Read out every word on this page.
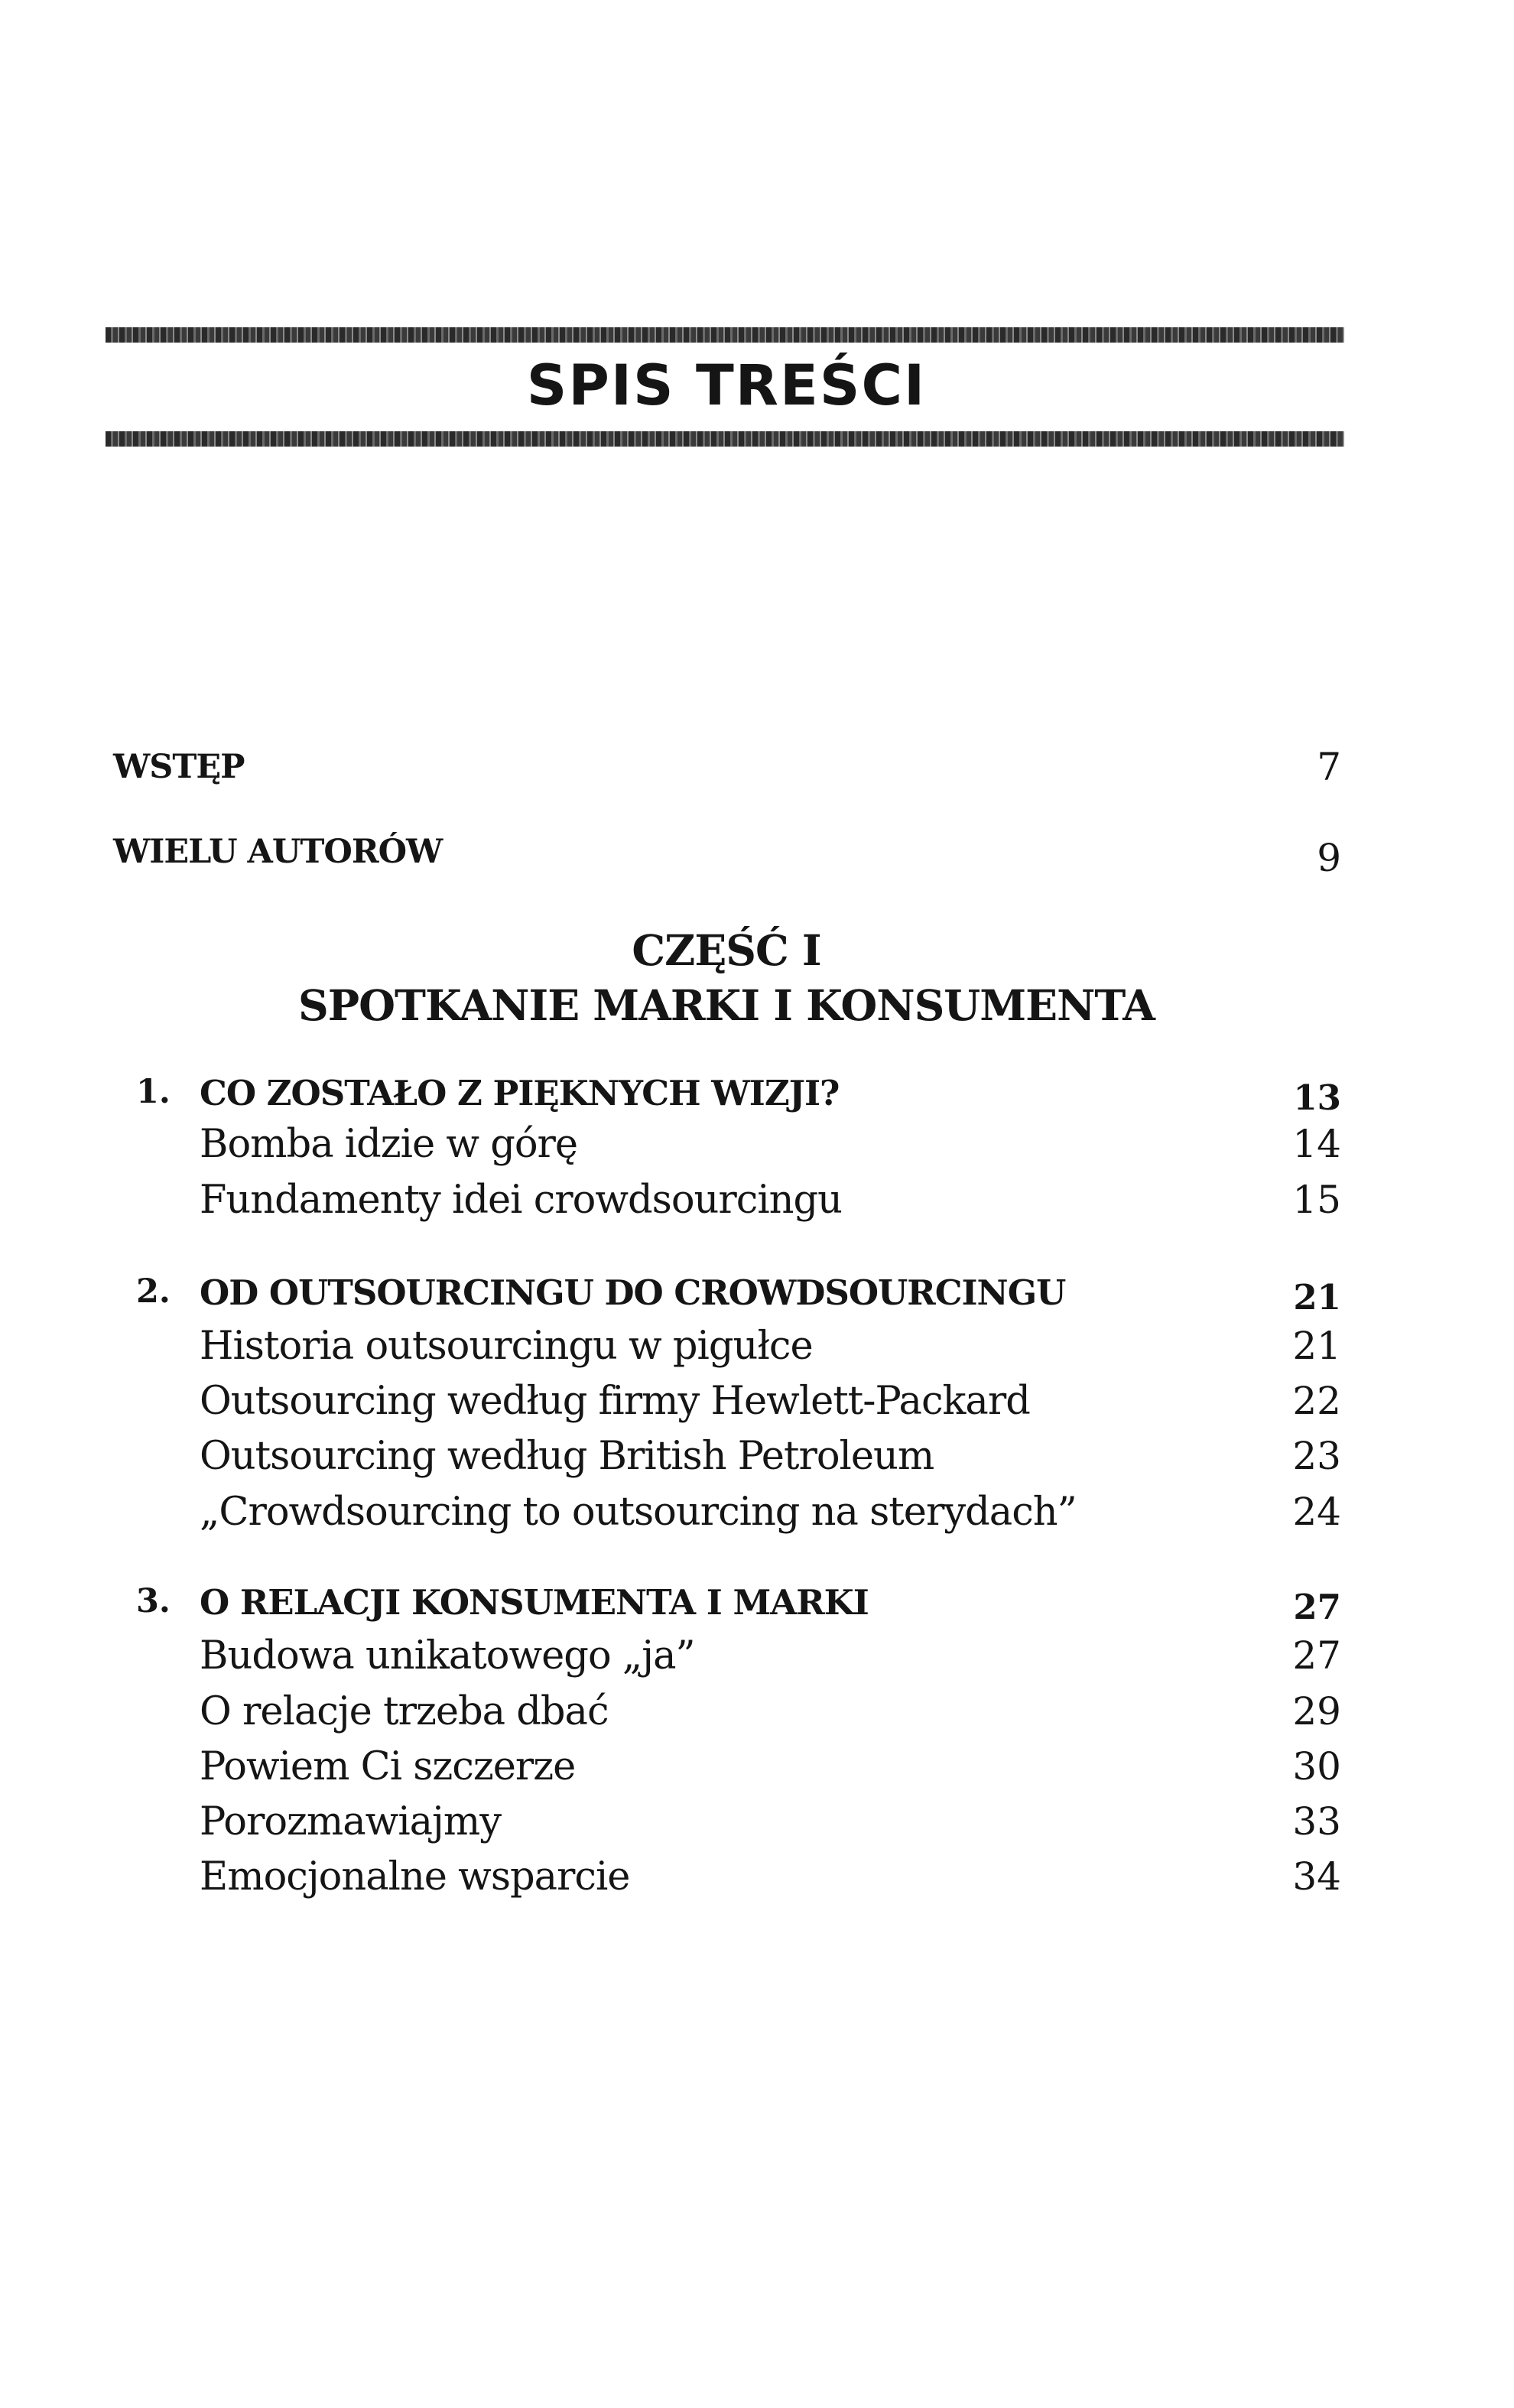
SPIS TREŚCI
WSTĘP	7
WIELU AUTORÓW	9
CZĘŚĆ I
SPOTKANIE MARKI I KONSUMENTA
1. CO ZOSTAŁO Z PIĘKNYCH WIZJI?	13
Bomba idzie w górę	14
Fundamenty idei crowdsourcingu	15
2. OD OUTSOURCINGU DO CROWDSOURCINGU	21
Historia outsourcingu w pigułce	21
Outsourcing według firmy Hewlett-Packard	22
Outsourcing według British Petroleum	23
„Crowdsourcing to outsourcing na sterydach”	24
3. O RELACJI KONSUMENTA I MARKI	27
Budowa unikatowego „ja”	27
O relacje trzeba dbać	29
Powiem Ci szczerze	30
Porozmawiajmy	33
Emocjonalne wsparcie	34
